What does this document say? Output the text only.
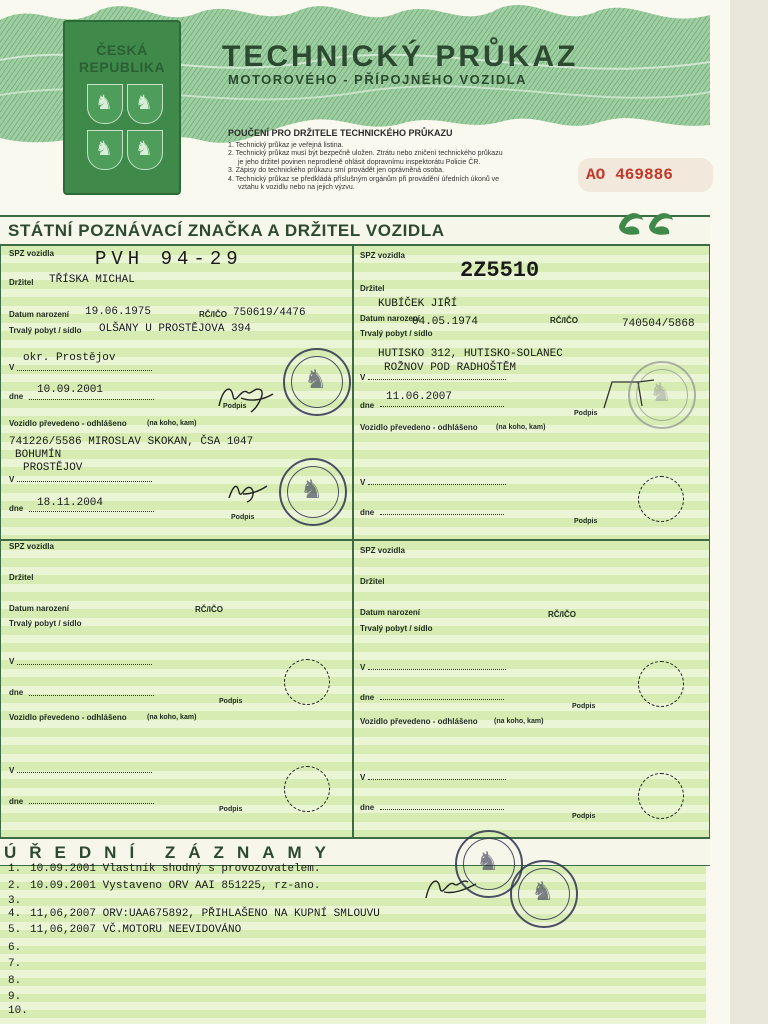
ČESKÁ REPUBLIKA
♞
♞
♞
♞	TECHNICKÝ PRŮKAZ
MOTOROVÉHO - PŘÍPOJNÉHO VOZIDLA
POUČENÍ PRO DRŽITELE TECHNICKÉHO PRŮKAZU
1. Technický průkaz je veřejná listina.
2. Technický průkaz musí být bezpečně uložen. Ztrátu nebo zničení technického průkazu
je jeho držitel povinen neprodleně ohlásit dopravnímu inspektorátu Policie ČR.
3. Zápisy do technického průkazu smí provádět jen oprávněná osoba.
4. Technický průkaz se předkládá příslušným orgánům při provádění úředních úkonů ve
vztahu k vozidlu nebo na jejich výzvu.
AO 469886
STÁTNÍ POZNÁVACÍ ZNAČKA A DRŽITEL VOZIDLA
SPZ vozidla PVH 94-29
Držitel TŘÍSKA MICHAL
Datum narození 19.06.1975	RČ/IČO 750619/4476
Trvalý pobyt / sídlo OLŠANY U PROSTĚJOVA 394
V
okr. Prostějov
dne
10.09.2001
Podpis
♞
Vozidlo převedeno - odhlášeno	(na koho, kam)
741226/5586 MIROSLAV SKOKAN, ČSA 1047
BOHUMÍN
V
PROSTĚJOV
dne 18.11.2004
Podpis
♞
SPZ vozidla
2Z5510
Držitel
KUBÍČEK JIŘÍ
Datum narození
04.05.1974	RČ/IČO	740504/5868
Trvalý pobyt / sídlo
HUTISKO 312, HUTISKO-SOLANEC
ROŽNOV POD RADHOŠTĚM
V
dne
11.06.2007
Podpis
♞
Vozidlo převedeno - odhlášeno	(na koho, kam)
V
dne
Podpis
SPZ vozidla
Držitel
Datum narození	RČ/IČO
Trvalý pobyt / sídlo
V
dne
Podpis
Vozidlo převedeno - odhlášeno	(na koho, kam)
V
dne
Podpis
SPZ vozidla
Držitel
Datum narození	RČ/IČO
Trvalý pobyt / sídlo
V
dne
Podpis
Vozidlo převedeno - odhlášeno (na koho, kam)
V
dne
Podpis
ÚŘEDNÍ ZÁZNAMY
1. 10.09.2001 Vlastník shodný s provozovatelem.
2. 10.09.2001 Vystaveno ORV AAI 851225, rz-ano.
3.
4. 11,06,2007 ORV:UAA675892, PŘIHLAŠENO NA KUPNÍ SMLOUVU
5. 11,06,2007 VČ.MOTORU NEEVIDOVÁNO
6.
7.
8.
9.
10.
♞
♞
